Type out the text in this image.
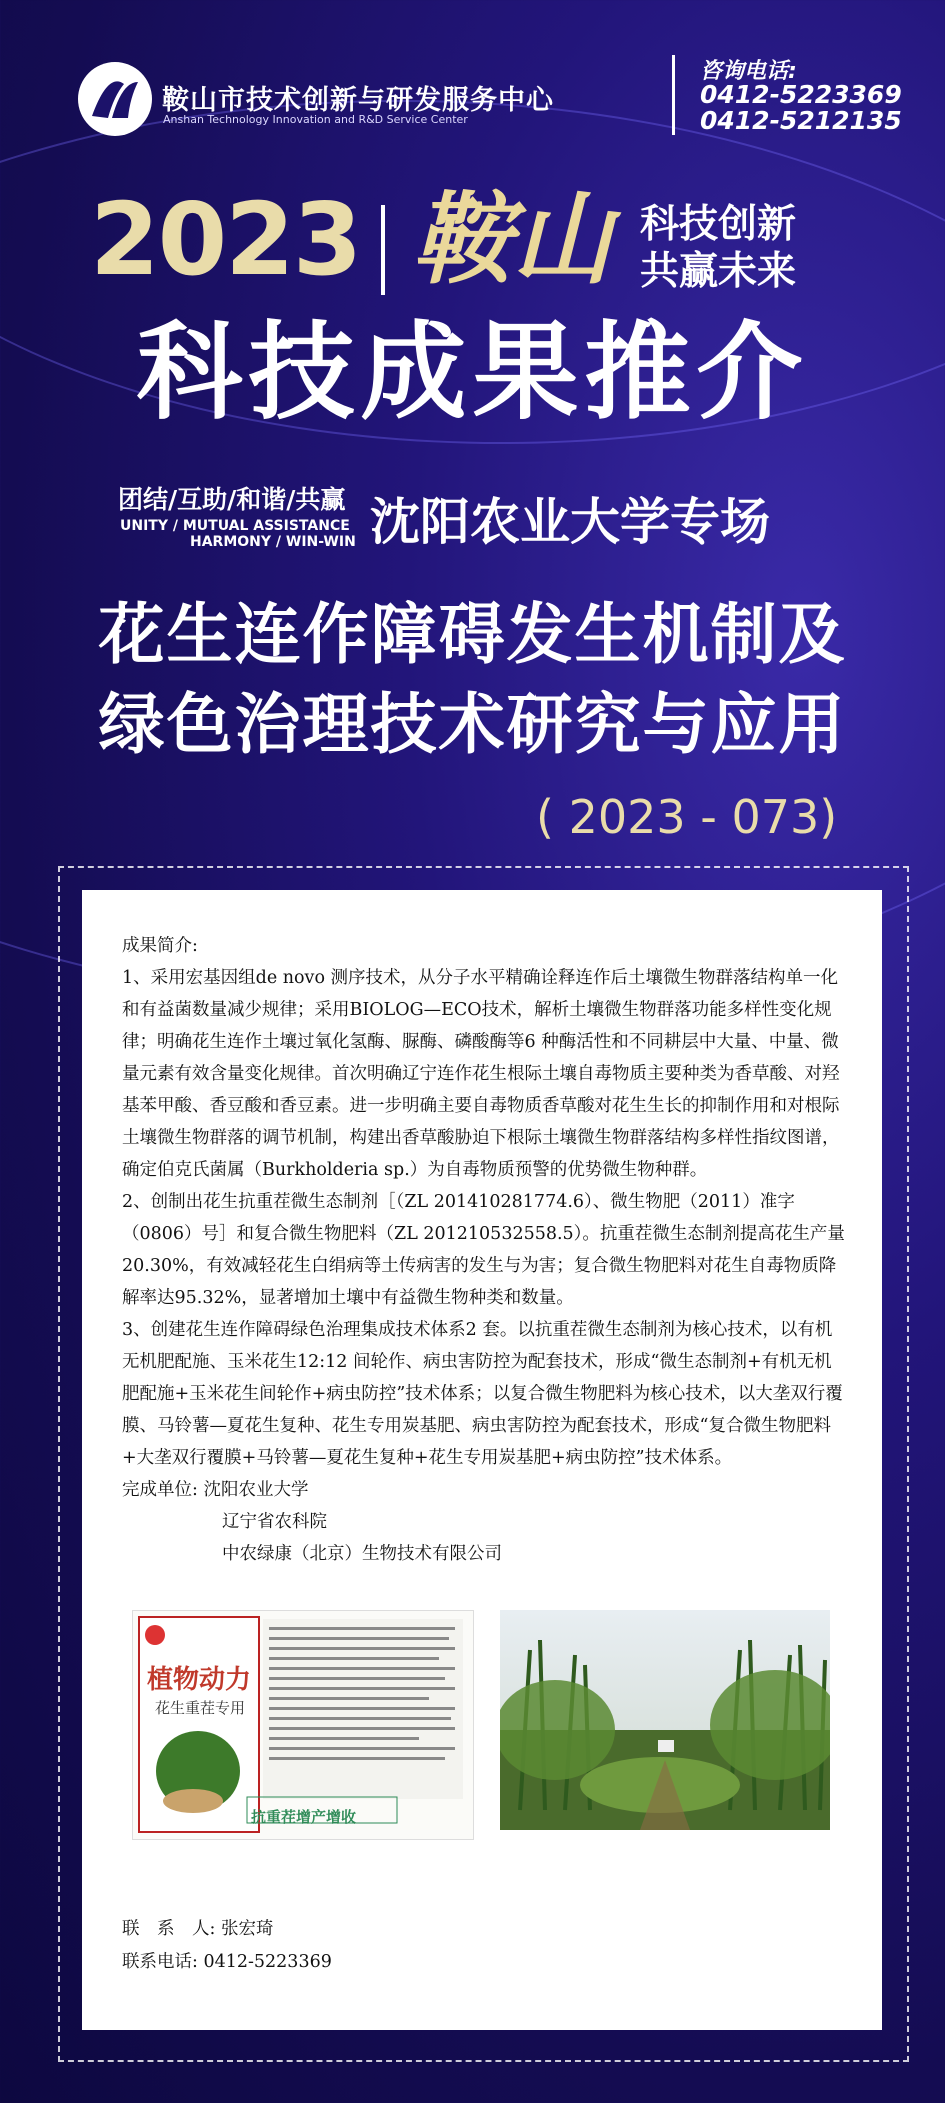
鞍山市技术创新与研发服务中心
Anshan Technology Innovation and R&D Service Center
咨询电话:
0412-5223369
0412-5212135
2023 鞍山 科技创新
共赢未来
科技成果推介
团结/互助/和谐/共赢
UNITY / MUTUAL ASSISTANCE
HARMONY / WIN-WIN 沈阳农业大学专场
花生连作障碍发生机制及
绿色治理技术研究与应用
( 2023 - 073)

成果简介:

1、采用宏基因组de novo 测序技术，从分子水平精确诠释连作后土壤微生物群落结构单一化和有益菌数量减少规律；采用BIOLOG—ECO技术，解析土壤微生物群落功能多样性变化规律；明确花生连作土壤过氧化氢酶、脲酶、磷酸酶等6 种酶活性和不同耕层中大量、中量、微量元素有效含量变化规律。首次明确辽宁连作花生根际土壤自毒物质主要种类为香草酸、对羟基苯甲酸、香豆酸和香豆素。进一步明确主要自毒物质香草酸对花生生长的抑制作用和对根际土壤微生物群落的调节机制，构建出香草酸胁迫下根际土壤微生物群落结构多样性指纹图谱，确定伯克氏菌属（Burkholderia sp.）为自毒物质预警的优势微生物种群。

2、创制出花生抗重茬微生态制剂［（ZL 201410281774.6）、微生物肥（2011）准字（0806）号］和复合微生物肥料（ZL 201210532558.5）。抗重茬微生态制剂提高花生产量20.30%，有效减轻花生白绢病等土传病害的发生与为害；复合微生物肥料对花生自毒物质降解率达95.32%，显著增加土壤中有益微生物种类和数量。

3、创建花生连作障碍绿色治理集成技术体系2 套。以抗重茬微生态制剂为核心技术，以有机无机肥配施、玉米花生12:12 间轮作、病虫害防控为配套技术，形成“微生态制剂+有机无机肥配施+玉米花生间轮作+病虫防控”技术体系；以复合微生物肥料为核心技术，以大垄双行覆膜、马铃薯—夏花生复种、花生专用炭基肥、病虫害防控为配套技术，形成“复合微生物肥料+大垄双行覆膜+马铃薯—夏花生复种+花生专用炭基肥+病虫防控”技术体系。

完成单位: 沈阳农业大学

辽宁省农科院

中农绿康（北京）生物技术有限公司

植物动力
花生重茬专用
抗重茬增产增收
联　系　人: 张宏琦
联系电话: 0412-5223369
